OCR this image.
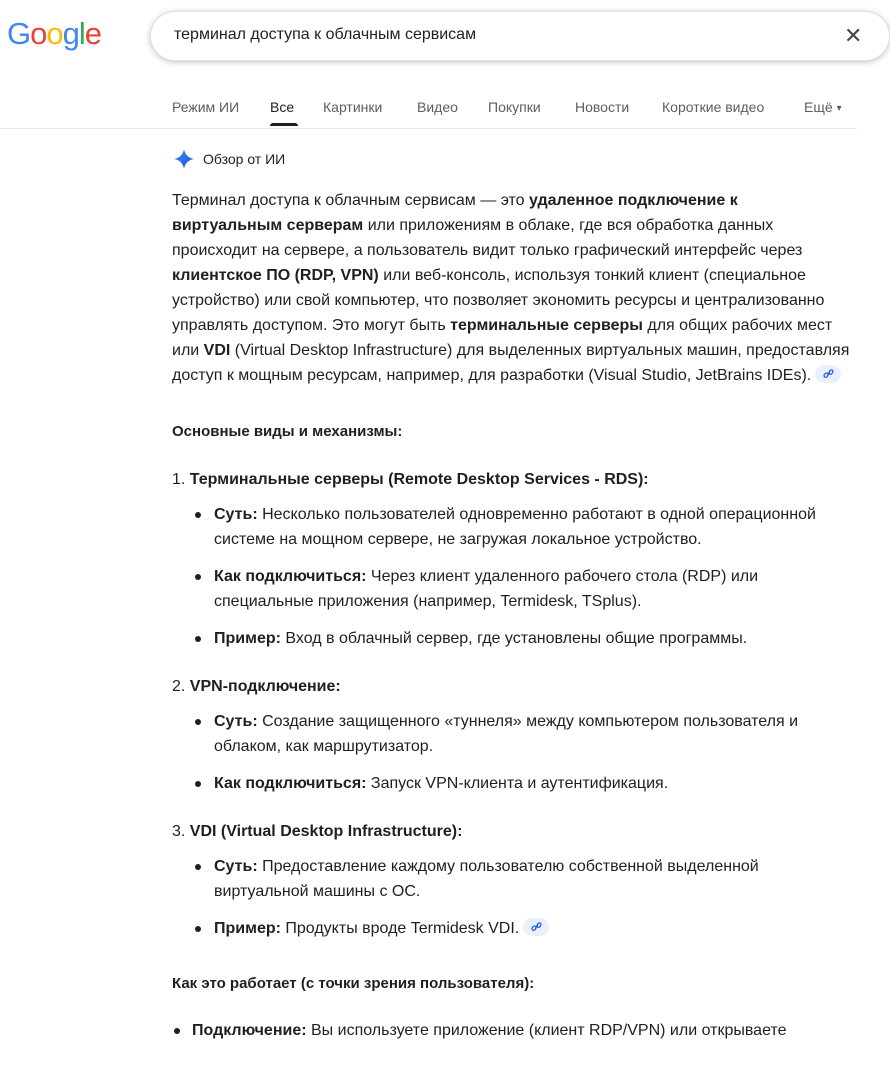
Google	терминал доступа к облачным сервисам	✕
Режим ИИ Все Картинки Видео Покупки Новости Короткие видео	Ещё ▾
Обзор от ИИ

Терминал доступа к облачным сервисам — это удаленное подключение к виртуальным серверам или приложениям в облаке, где вся обработка данных происходит на сервере, а пользователь видит только графический интерфейс через клиентское ПО (RDP, VPN) или веб-консоль, используя тонкий клиент (специальное устройство) или свой компьютер, что позволяет экономить ресурсы и централизованно управлять доступом. Это могут быть терминальные серверы для общих рабочих мест или VDI (Virtual Desktop Infrastructure) для выделенных виртуальных машин, предоставляя доступ к мощным ресурсам, например, для разработки (Visual Studio, JetBrains IDEs).

Основные виды и механизмы:
1. Терминальные серверы (Remote Desktop Services - RDS):
Суть: Несколько пользователей одновременно работают в одной операционной системе на мощном сервере, не загружая локальное устройство.
Как подключиться: Через клиент удаленного рабочего стола (RDP) или специальные приложения (например, Termidesk, TSplus).
Пример: Вход в облачный сервер, где установлены общие программы.
2. VPN-подключение:
Суть: Создание защищенного «туннеля» между компьютером пользователя и облаком, как маршрутизатор.
Как подключиться: Запуск VPN-клиента и аутентификация.
3. VDI (Virtual Desktop Infrastructure):
Суть: Предоставление каждому пользователю собственной выделенной виртуальной машины с ОС.
Пример: Продукты вроде Termidesk VDI.
Как это работает (с точки зрения пользователя):
Подключение: Вы используете приложение (клиент RDP/VPN) или открываете
